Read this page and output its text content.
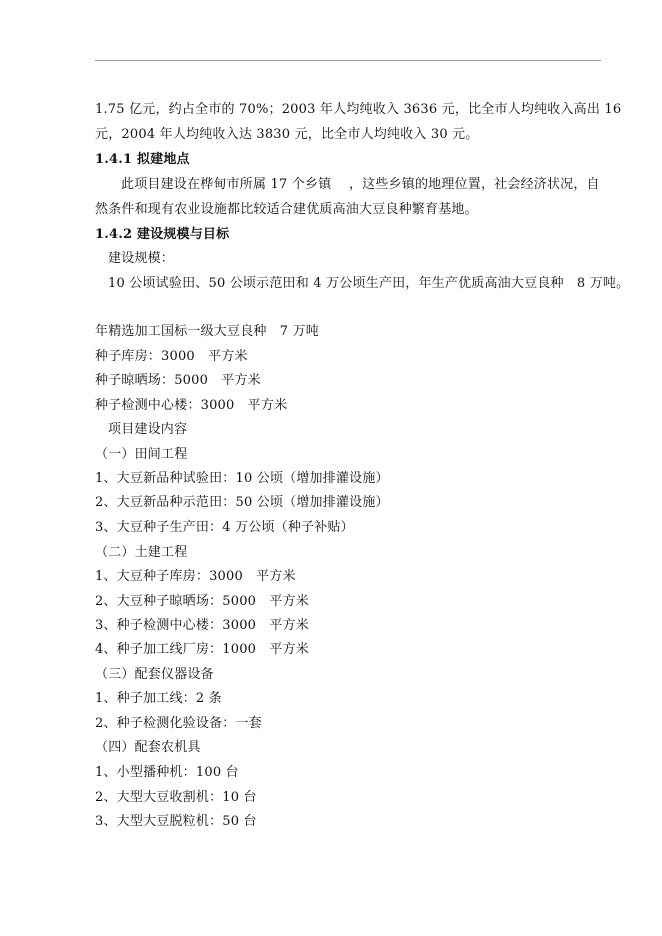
1.75 亿元，约占全市的 70%；2003 年人均纯收入 3636 元，比全市人均纯收入高出 16
元，2004 年人均纯收入达 3830 元，比全市人均纯收入 30 元。
1.4.1 拟建地点
此项目建设在桦甸市所属 17 个乡镇　 ，这些乡镇的地理位置，社会经济状况，自
然条件和现有农业设施都比较适合建优质高油大豆良种繁育基地。
1.4.2 建设规模与目标
建设规模：
10 公顷试验田、50 公顷示范田和 4 万公顷生产田，年生产优质高油大豆良种　8 万吨。
年精选加工国标一级大豆良种　7 万吨
种子库房：3000　平方米
种子晾晒场：5000　平方米
种子检测中心楼：3000　平方米
项目建设内容
（一）田间工程
1、大豆新品种试验田：10 公顷（增加排灌设施）
2、大豆新品种示范田：50 公顷（增加排灌设施）
3、大豆种子生产田：4 万公顷（种子补贴）
（二）土建工程
1、大豆种子库房：3000　平方米
2、大豆种子晾晒场：5000　平方米
3、种子检测中心楼：3000　平方米
4、种子加工线厂房：1000　平方米
（三）配套仪器设备
1、种子加工线：2 条
2、种子检测化验设备：一套
（四）配套农机具
1、小型播种机：100 台
2、大型大豆收割机：10 台
3、大型大豆脱粒机：50 台
